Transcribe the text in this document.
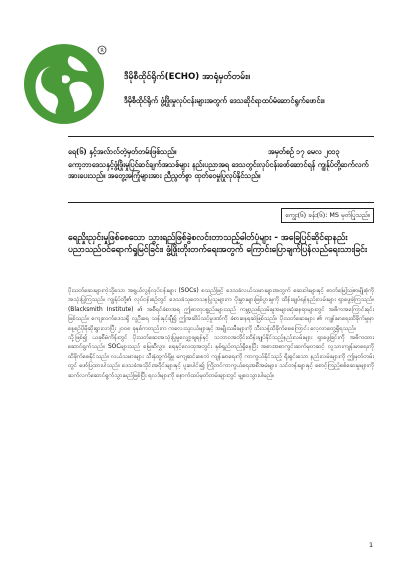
R
ဒီမိုစီထိုင်ရိုက်(ECHO) အာရုံမှတ်တမ်း။
ဒီမိုစီထိုင်ရိုက် ဖွံ့ဖြိုးမှုလုပ်ငန်းများအတွက် ဒေသဆိုင်ရာထပ်မံဆောင်ရွက်ဖောင်း။
ရေ(၆) နှင့်အလ်ာလ်တဲ့မှတ်တမ်းဖြစ်သည်။	အမှတ်စဉ် ၁၇ မေလ ၂၀၁၃
ကော့ဘာဒေသနှင့်ဖွံ့ဖြိုးမှုပြင်ဆင်ချက်အသစ်များ နည်းပညာအရ ဒေသတွင်းလုပ်ငန်းဖော်ဆောင်ရန် ကျွန်ုပ်တို့ဆက်လက်အားပေးသည်။ အတွေ့အကြုံများအား ညီညွတ်စွာ ထုတ်ဝေမှုပြုလုပ်နိုင်သည်။
ကျွေး(၆) ခန်း(၆): MS မှတ်ပြုသည်။
ရေညှိုးညှင်းမှုဖြစ်စေသော သွားရည်ဖြစ်ခွဲစလင်းတာသည့်ဓါတ်ပုံများ - အခြေပြင်ဆိုင်ရာနည်းပညာသည်ဝင်ရောက်ရှုမြင်ခြင်း၊ ဖွံ့ဖြိုးတိုးတက်ရေးအတွက် ကြောင်းပြောချက်ပြန်လည်ရေးသားခြင်း

ပိုးသတ်ဆေးများကဲ့သို့သော အရွယ်လွန်လုပ်ငန်းများ (SOCs) စသည်ဖြင့် ဒေသခံလယ်သမားများအတွက် ဆေးဝါးများနှင့် ဓာတ်မြေဩဇာမျိုးစုံကို အသုံးပြုကြသည်။ ကျွန်ုပ်တို့၏ လုပ်ငန်းစဉ်တွင် ဒေသခံသုတေသနပြုသူများက ပိုးမွှားများဖြစ်ပွားမှုကို ထိန်းချုပ်ရန်နည်းလမ်းများ ရှာဖွေခဲ့ကြသည်။ (Blacksmith Institute) ၏ အစီရင်ခံစာအရ ဤဓာတုပစ္စည်းများသည် ကမ္ဘာ့ညစ်ညမ်းမှုအများဆုံးနေရာများတွင် အဓိကအကြောင်းရင်းဖြစ်သည်။ ကျေးလက်ဒေသရှိ လူဦးရေ သန်းနှင့်ချီ၍ ဤအဆိပ်သင့်မှုဒဏ်ကို ခံစားနေရဆဲဖြစ်သည်။ ပိုးသတ်ဆေးများ ၏ ကျန်းမာရေးထိခိုက်မှုမှာ နေ့စဉ်ပိုမိုဆိုးရွားလာပြီး ၂၀၀၈ ခုနှစ်ကတည်းက ကလေးသူငယ်များနှင့် အမျိုးသမီးများကို သီးသန့်ထိခိုက်စေကြောင်း လေ့လာတွေ့ရှိရသည်။

သို့ဖြစ်၍ ယခုစီမံကိန်းတွင် ပိုးသတ်ဆေးအသုံးပြုမှုလျှော့ချရန်နှင့် သဘာဝအတိုင်းထိန်းချုပ်နိုင်သည့်နည်းလမ်းများ ရှာဖွေခြင်းကို အဓိကထားဆောင်ရွက်သည်။ SOCများသည် မြေဆီလွှာ၊ ရေနှင့်လေထုအတွင်း နှစ်ရှည်တည်ရှိနေပြီး အစားအစာကွင်းဆက်မှတဆင့် လူသားကျန်းမာရေးကို ထိခိုက်စေနိုင်သည်။ လယ်သမားများ သီးနှံထွက်ရှိမှု မကျဆင်းစေဘဲ ကျန်းမာရေးကို ကာကွယ်နိုင်သည့် ရိုးရှင်းသော နည်းလမ်းများကို ဤမှတ်တမ်းတွင် ဖော်ပြထားပါသည်။ ဒေသခံအသိုင်းအဝိုင်းများနှင့် ပူးပေါင်း၍ ကြိုတင်ကာကွယ်ရေးအစီအမံများ၊ သင်တန်းများနှင့် စောင့်ကြည့်စစ်ဆေးမှုများကို ဆက်လက်ဆောင်ရွက်သွားမည်ဖြစ်ပြီး ရလဒ်များကို နောက်ထပ်မှတ်တမ်းများတွင် မျှဝေသွားပါမည်။

1
